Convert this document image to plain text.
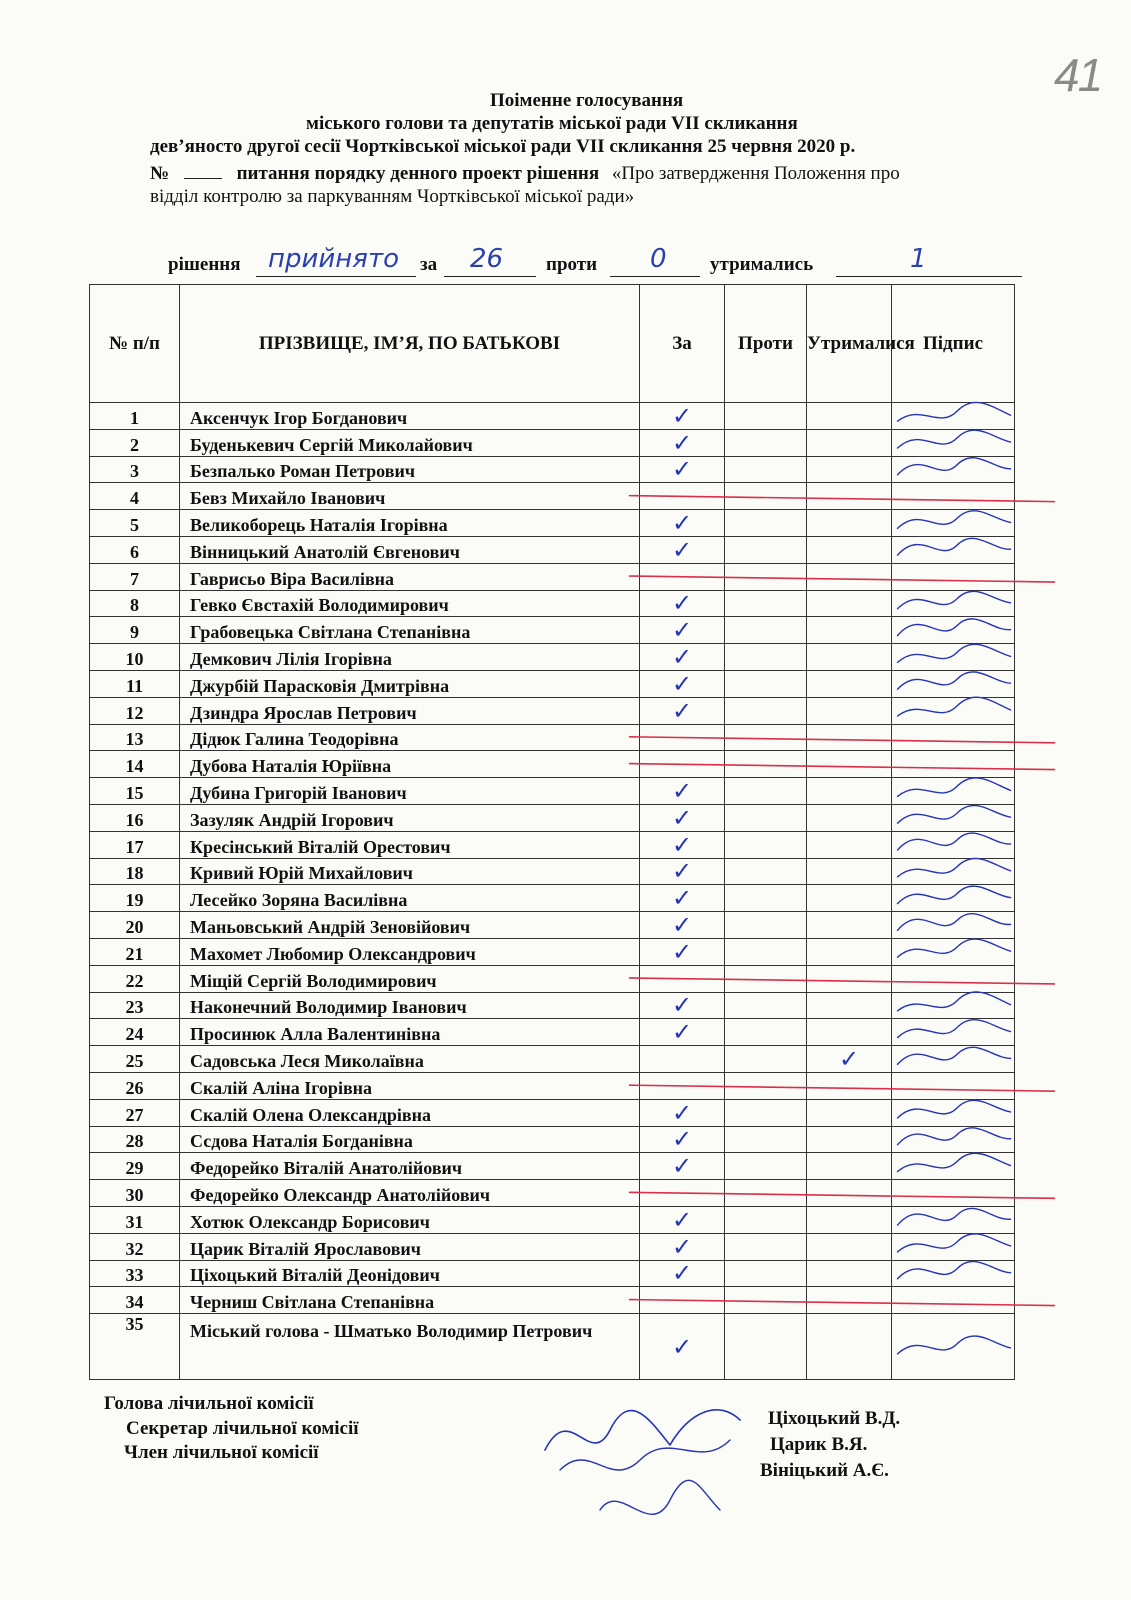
41
Поіменне голосування
міського голови та депутатів міської ради VII скликання
дев’яносто другої сесії Чортківської міської ради VII скликання 25 червня 2020 р.
№	питання порядку денного проект рішення «Про затвердження Положення про
відділ контролю за паркуванням Чортківської міської ради»
рішення прийнято за 26 проти 0 утримались	1
№ п/п	ПРІЗВИЩЕ, ІМ’Я, ПО БАТЬКОВІ	За	Проти	Утрималися	Підпис
1	Аксенчук Ігор Богданович	✓			
2	Буденькевич Сергій Миколайович	✓			
3	Безпалько Роман Петрович	✓			
4	Бевз Михайло Іванович				
5	Великоборець Наталія Ігорівна	✓			
6	Вінницький Анатолій Євгенович	✓			
7	Гаврисьо Віра Василівна				
8	Гевко Євстахій Володимирович	✓			
9	Грабовецька Світлана Степанівна	✓			
10	Демкович Лілія Ігорівна	✓			
11	Джурбій Парасковія Дмитрівна	✓			
12	Дзиндра Ярослав Петрович	✓			
13	Дідюк Галина Теодорівна				
14	Дубова Наталія Юріївна				
15	Дубина Григорій Іванович	✓			
16	Зазуляк Андрій Ігорович	✓			
17	Кресінський Віталій Орестович	✓			
18	Кривий Юрій Михайлович	✓			
19	Лесейко Зоряна Василівна	✓			
20	Маньовський Андрій Зеновійович	✓			
21	Махомет Любомир Олександрович	✓			
22	Міщій Сергій Володимирович				
23	Наконечний Володимир Іванович	✓			
24	Просинюк Алла Валентинівна	✓			
25	Садовська Леся Миколаївна			✓	
26	Скалій Аліна Ігорівна				
27	Скалій Олена Олександрівна	✓			
28	Ссдова Наталія Богданівна	✓			
29	Федорейко Віталій Анатолійович	✓			
30	Федорейко Олександр Анатолійович				
31	Хотюк Олександр Борисович	✓			
32	Царик Віталій Ярославович	✓			
33	Ціхоцький Віталій Деонідович	✓			
34	Черниш Світлана Степанівна				
35	Міський голова - Шматько Володимир Петрович	✓			
Голова лічильної комісії
Секретар лічильної комісії
Член лічильної комісії
Ціхоцький В.Д.
Царик В.Я.
Вініцький А.Є.
